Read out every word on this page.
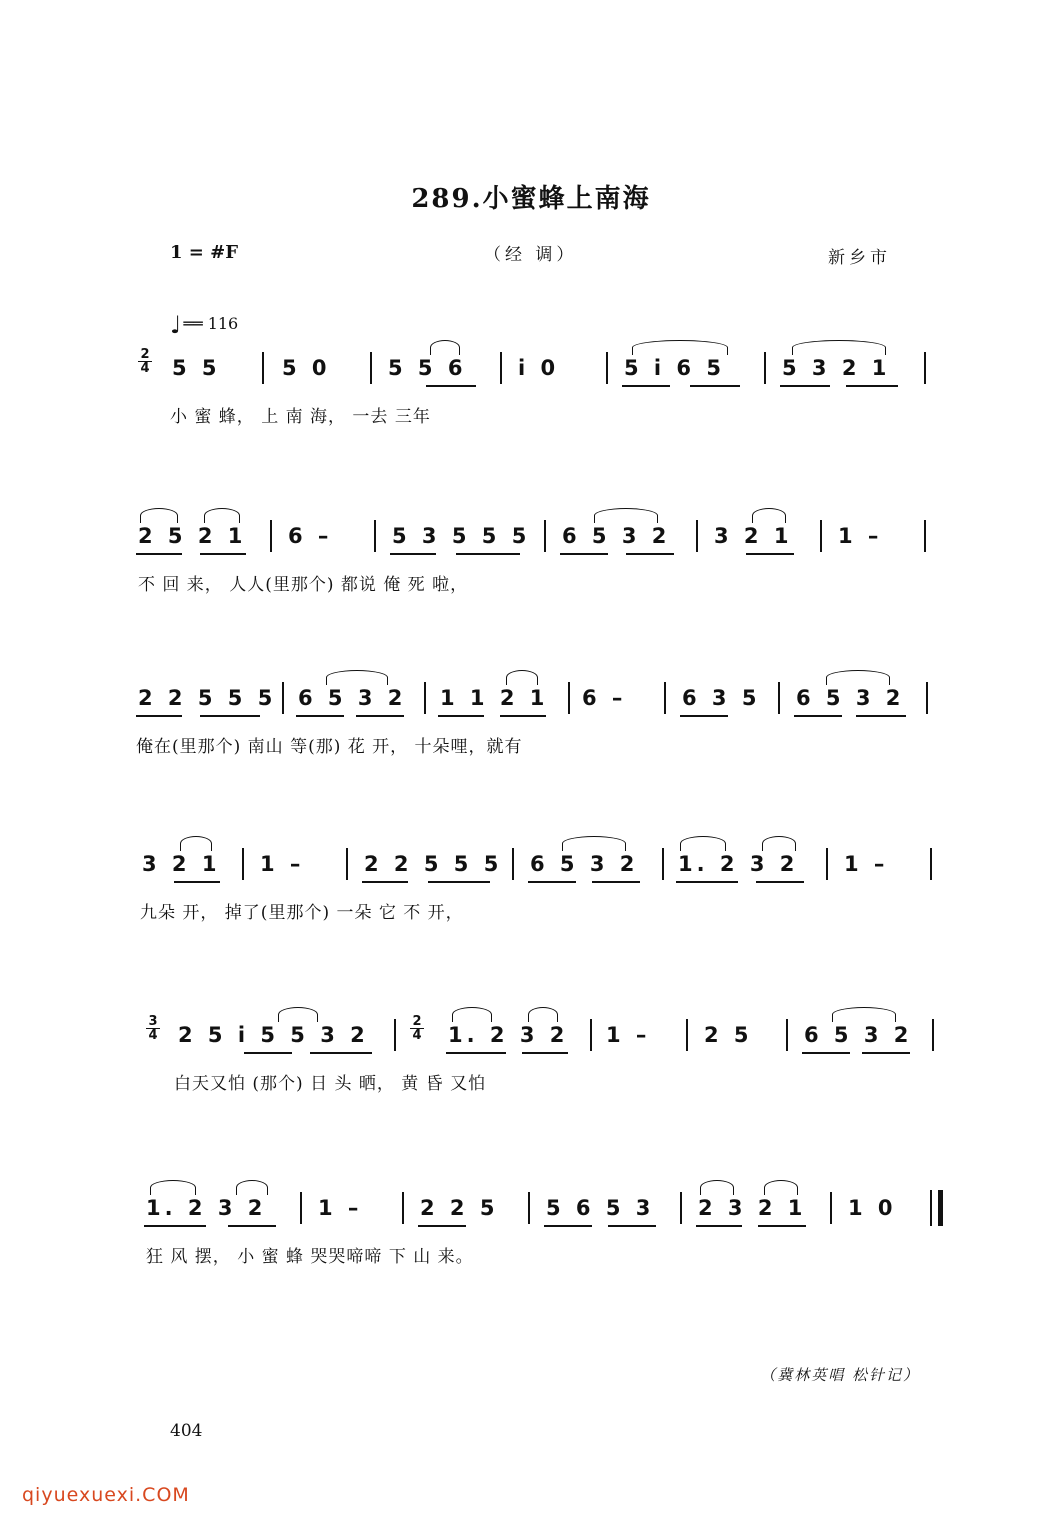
289.小蜜蜂上南海
1 = #F	（经 调）	新乡市
♩ ══ 116
2
4 5 5	5 0	5 5 6 i 0	5 i 6 5	5 3 2 1
小 蜜 蜂， 上 南 海， 一去 三年
2 5 2 1 6 –	5 3 5 5 5 6 5 3 2 3 2 1 1 –
不 回 来， 人人(里那个) 都说 俺 死 啦，
2 2 5 5 5 6 5 3 2 1 1 2 1 6 –	6 3 5 6 5 3 2
俺在(里那个) 南山 等(那) 花 开， 十朵哩，就有
3 2 1 1 –	2 2 5 5 5 6 5 3 2 1. 2 3 2 1 –
九朵 开， 掉了(里那个) 一朵 它 不 开，
3
4 2 5 i 5 5 3 2
2
4 1. 2 3 2 1 –	2 5 6 5 3 2
白天又怕 (那个) 日 头 晒， 黄 昏 又怕
1. 2 3 2 1 –	2 2 5 5 6 5 3 2 3 2 1 1 0
狂 风 摆， 小 蜜 蜂 哭哭啼啼 下 山 来。
（冀林英唱 松针记）
404
qiyuexuexi.COM
